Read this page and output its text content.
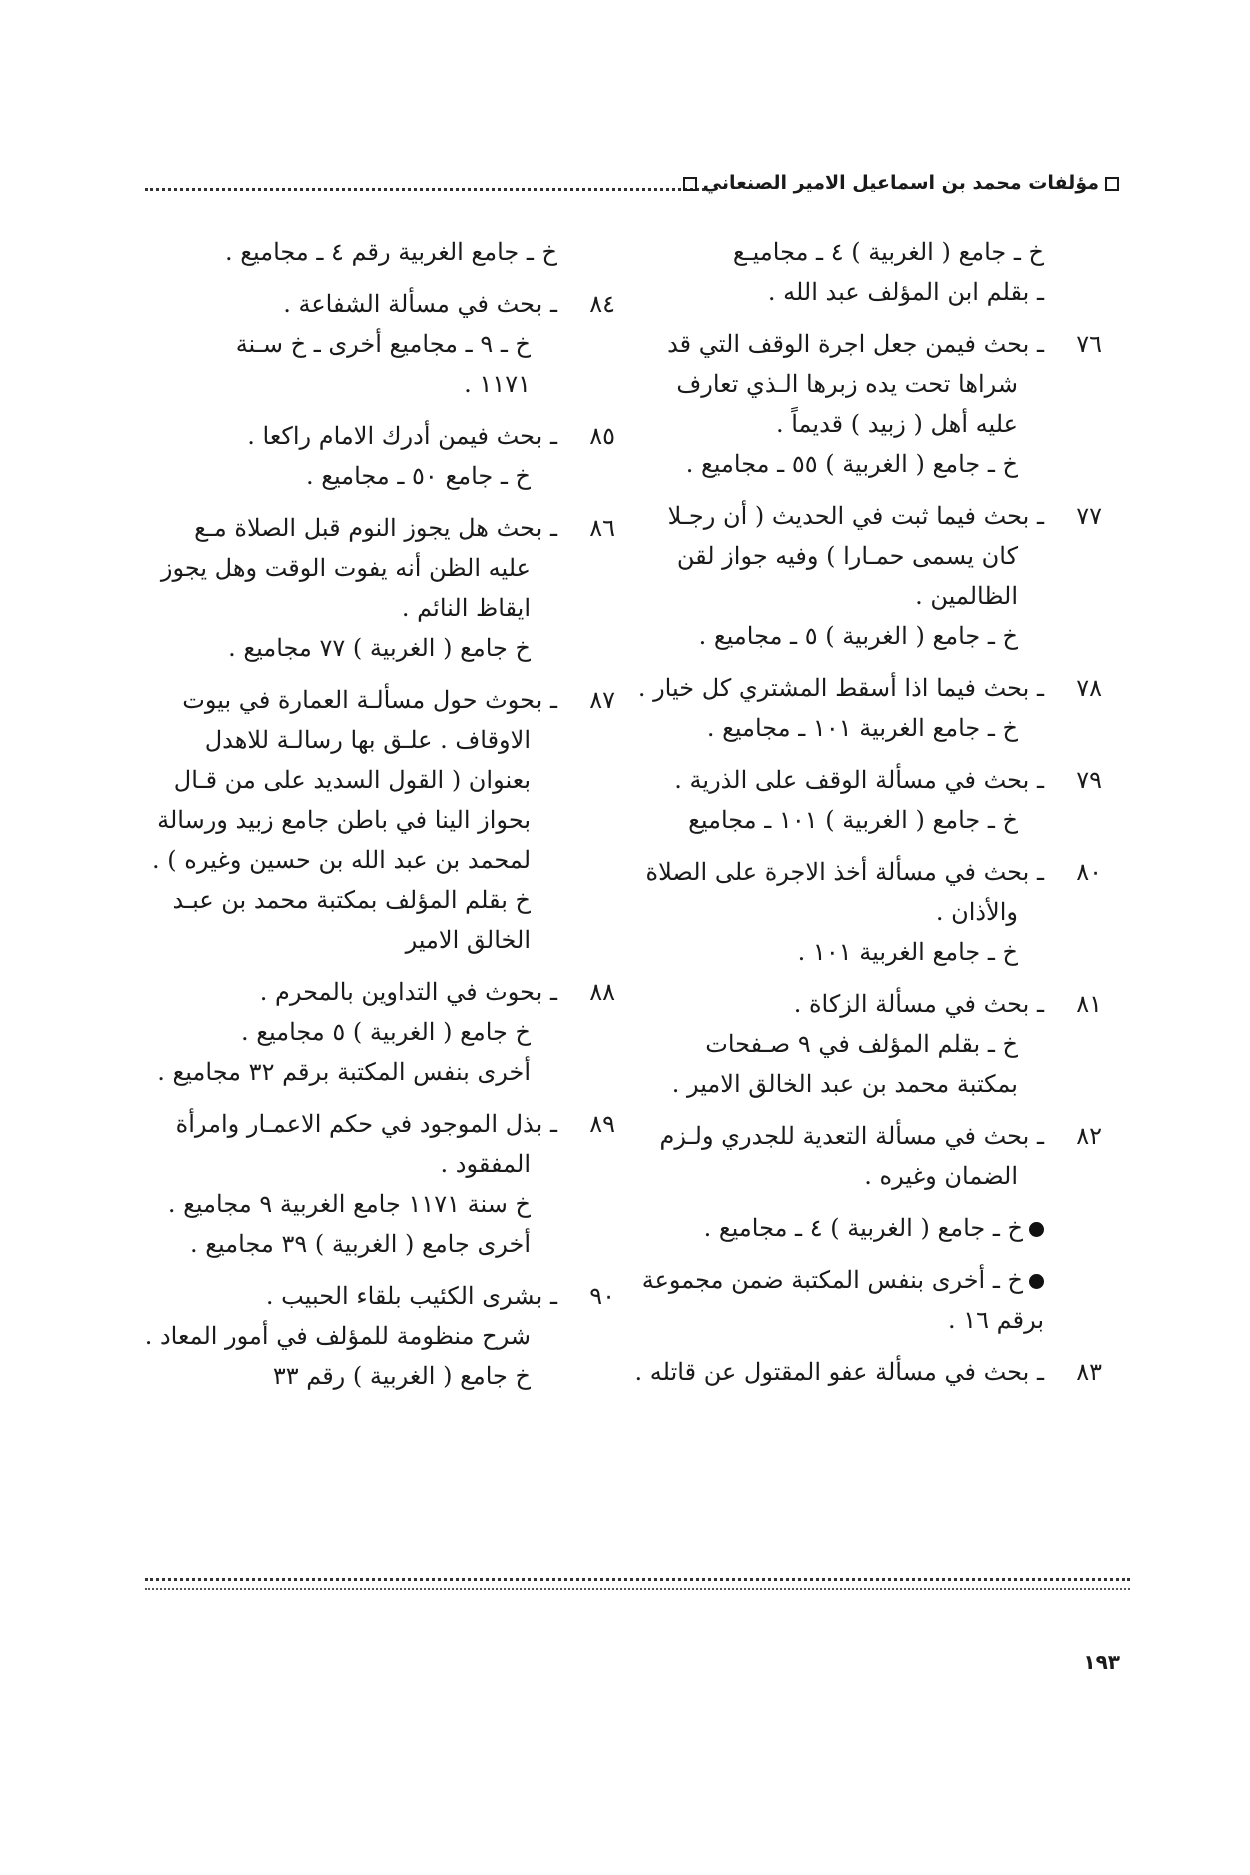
مؤلفات محمد بن اسماعيل الامير الصنعاني

خ ـ جامع ( الغربية ) ٤ ـ مجاميـع

ـ بقلم ابن المؤلف عبد الله .

٧٦

ـ بحث فيمن جعل اجرة الوقف التي قد

شراها تحت يده زبرها الـذي تعارف

عليه أهل ( زبيد ) قديماً .

خ ـ جامع ( الغربية ) ٥٥ ـ مجاميع .

٧٧

ـ بحث فيما ثبت في الحديث ( أن رجـلا

كان يسمى حمـارا ) وفيه جواز لقن

الظالمين .

خ ـ جامع ( الغربية ) ٥ ـ مجاميع .

٧٨

ـ بحث فيما اذا أسقط المشتري كل خيار .

خ ـ جامع الغربية ١٠١ ـ مجاميع .

٧٩

ـ بحث في مسألة الوقف على الذرية .

خ ـ جامع ( الغربية ) ١٠١ ـ مجاميع

٨٠

ـ بحث في مسألة أخذ الاجرة على الصلاة

والأذان .

خ ـ جامع الغربية ١٠١ .

٨١

ـ بحث في مسألة الزكاة .

خ ـ بقلم المؤلف في ٩ صـفحات

بمكتبة محمد بن عبد الخالق الامير .

٨٢

ـ بحث في مسألة التعدية للجدري ولـزم

الضمان وغيره .

خ ـ جامع ( الغربية ) ٤ ـ مجاميع .

خ ـ أخرى بنفس المكتبة ضمن مجموعة

برقم ١٦ .

٨٣

ـ بحث في مسألة عفو المقتول عن قاتله .

خ ـ جامع الغربية رقم ٤ ـ مجاميع .

٨٤

ـ بحث في مسألة الشفاعة .

خ ـ ٩ ـ مجاميع أخرى ـ خ سـنة

١١٧١ .

٨٥

ـ بحث فيمن أدرك الامام راكعا .

خ ـ جامع ٥٠ ـ مجاميع .

٨٦

ـ بحث هل يجوز النوم قبل الصلاة مـع

عليه الظن أنه يفوت الوقت وهل يجوز

ايقاظ النائم .

خ جامع ( الغربية ) ٧٧ مجاميع .

٨٧

ـ بحوث حول مسألـة العمارة في بيوت

الاوقاف . علـق بها رسالـة للاهدل

بعنوان ( القول السديد على من قـال

بحواز الينا في باطن جامع زبيد ورسالة

لمحمد بن عبد الله بن حسين وغيره ) .

خ بقلم المؤلف بمكتبة محمد بن عبـد

الخالق الامير

٨٨

ـ بحوث في التداوين بالمحرم .

خ جامع ( الغربية ) ٥ مجاميع .

أخرى بنفس المكتبة برقم ٣٢ مجاميع .

٨٩

ـ بذل الموجود في حكم الاعمـار وامرأة

المفقود .

خ سنة ١١٧١ جامع الغربية ٩ مجاميع .

أخرى جامع ( الغربية ) ٣٩ مجاميع .

٩٠

ـ بشرى الكئيب بلقاء الحبيب .

شرح منظومة للمؤلف في أمور المعاد .

خ جامع ( الغربية ) رقم ٣٣

١٩٣
